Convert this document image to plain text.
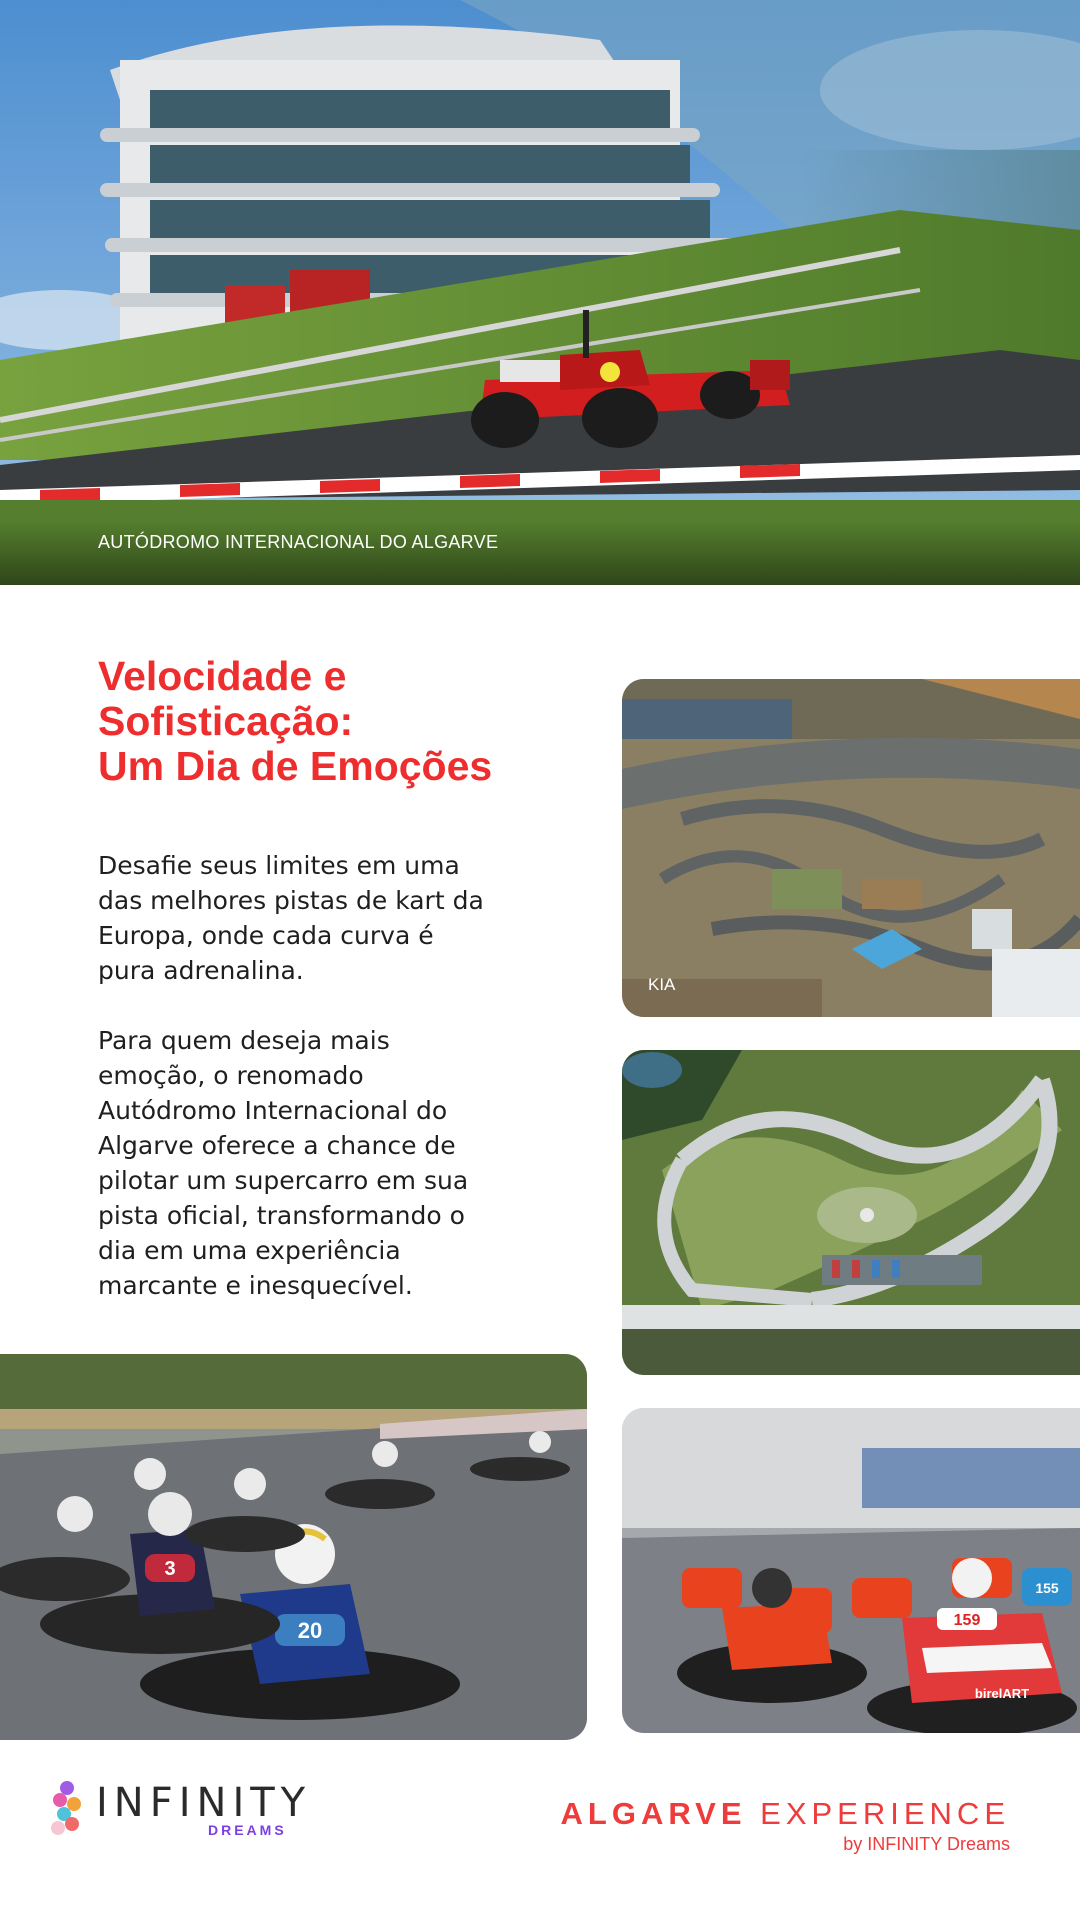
AUTÓDROMO INTERNACIONAL DO ALGARVE
Velocidade e
Sofisticação:
Um Dia de Emoções

Desafie seus limites em uma das melhores pistas de kart da Europa, onde cada curva é pura adrenalina.

Para quem deseja mais emoção, o renomado Autódromo Internacional do Algarve oferece a chance de pilotar um supercarro em sua pista oficial, transformando o dia em uma experiência marcante e inesquecível.

KIA
20
3
159
birelART
155
INFINITY
DREAMS	ALGARVE EXPERIENCE
by INFINITY Dreams
